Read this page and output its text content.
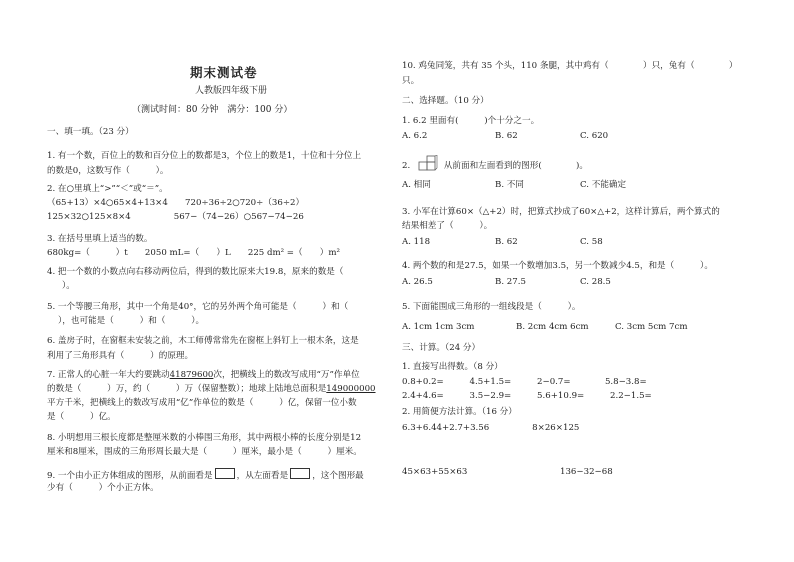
期末测试卷
人教版四年级下册
（测试时间：80 分钟　满分：100 分）
一、填一填。（23 分）
1. 有一个数，百位上的数和百分位上的数都是3，个位上的数是1，十位和十分位上
的数是0，这数写作（　　　）。
2. 在○里填上“>”“＜”或“＝”。
（65+13）×4○65×4+13×4　　720÷36÷2○720÷（36÷2）
125×32○125×8×4　　　　　567−（74−26）○567−74−26
3. 在括号里填上适当的数。
680kg=（　　　）t　　2050 mL=（　　）L　　225 dm² =（　　）m²
4. 把一个数的小数点向右移动两位后，得到的数比原来大19.8，原来的数是（
）。
5. 一个等腰三角形，其中一个角是40°，它的另外两个角可能是（　　　）和（
），也可能是（　　　）和（　　　）。
6. 盖房子时，在窗框未安装之前，木工师傅常常先在窗框上斜钉上一根木条，这是
利用了三角形具有（　　　）的原理。
7. 正常人的心脏一年大约要跳动41879600次，把横线上的数改写成用“万”作单位
的数是（　　　）万，约（　　　）万（保留整数）；地球上陆地总面积是149000000
平方千米，把横线上的数改写成用“亿”作单位的数是（　　　）亿，保留一位小数
是（　　　）亿。
8. 小明想用三根长度都是整厘米数的小棒围三角形，其中两根小棒的长度分别是12
厘米和8厘米，围成的三角形周长最大是（　　　）厘米，最小是（　　　）厘米。
9. 一个由小正方体组成的图形，从前面看是	，从左面看是	，这个图形最
少有（　　　）个小正方体。
10. 鸡兔同笼，共有 35 个头，110 条腿，其中鸡有（　　　　）只，兔有（　　　　）
只。
二、选择题。（10 分）
1. 6.2 里面有(　　　)个十分之一。
A. 6.2	B. 62	C. 620
2. 　　　从前面和左面看到的图形(　　　　)。
A. 相同	B. 不同	C. 不能确定
3. 小军在计算60×（△+2）时，把算式抄成了60×△+2，这样计算后，两个算式的
结果相差了（　　　）。
A. 118	B. 62	C. 58
4. 两个数的和是27.5，如果一个数增加3.5，另一个数减少4.5，和是（　　　）。
A. 26.5	B. 27.5	C. 28.5
5. 下面能围成三角形的一组线段是（　　　）。
A. 1cm 1cm 3cm	B. 2cm 4cm 6cm	C. 3cm 5cm 7cm
三、计算。（24 分）
1. 直接写出得数。（8 分）
0.8+0.2=　　　4.5+1.5=　　　2−0.7=　　　　5.8−3.8=
2.4+4.6=　　　3.5−2.9=　　　5.6+10.9=　　　2.2−1.5=
2. 用简便方法计算。（16 分）
6.3+6.44+2.7+3.56　　　　　8×26×125
45×63+55×63	136−32−68
